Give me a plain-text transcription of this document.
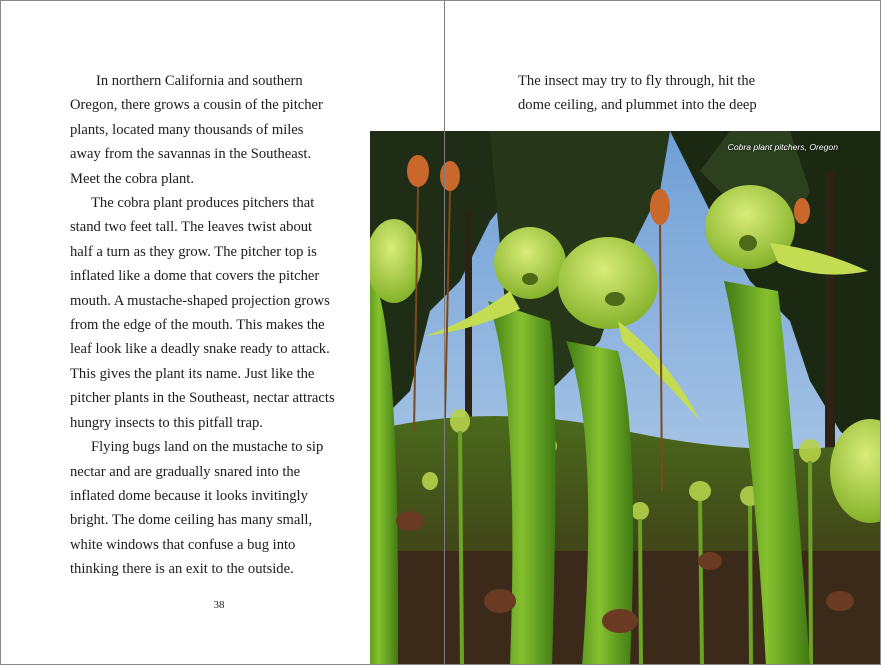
In northern California and southern
Oregon, there grows a cousin of the pitcher
plants, located many thousands of miles
away from the savannas in the Southeast.
Meet the cobra plant.

The cobra plant produces pitchers that
stand two feet tall. The leaves twist about
half a turn as they grow. The pitcher top is
inflated like a dome that covers the pitcher
mouth. A mustache-shaped projection grows
from the edge of the mouth. This makes the
leaf look like a deadly snake ready to attack.
This gives the plant its name. Just like the
pitcher plants in the Southeast, nectar attracts
hungry insects to this pitfall trap.

Flying bugs land on the mustache to sip
nectar and are gradually snared into the
inflated dome because it looks invitingly
bright. The dome ceiling has many small,
white windows that confuse a bug into
thinking there is an exit to the outside.

38

The insect may try to fly through, hit the
dome ceiling, and plummet into the deep

Cobra plant pitchers, Oregon
